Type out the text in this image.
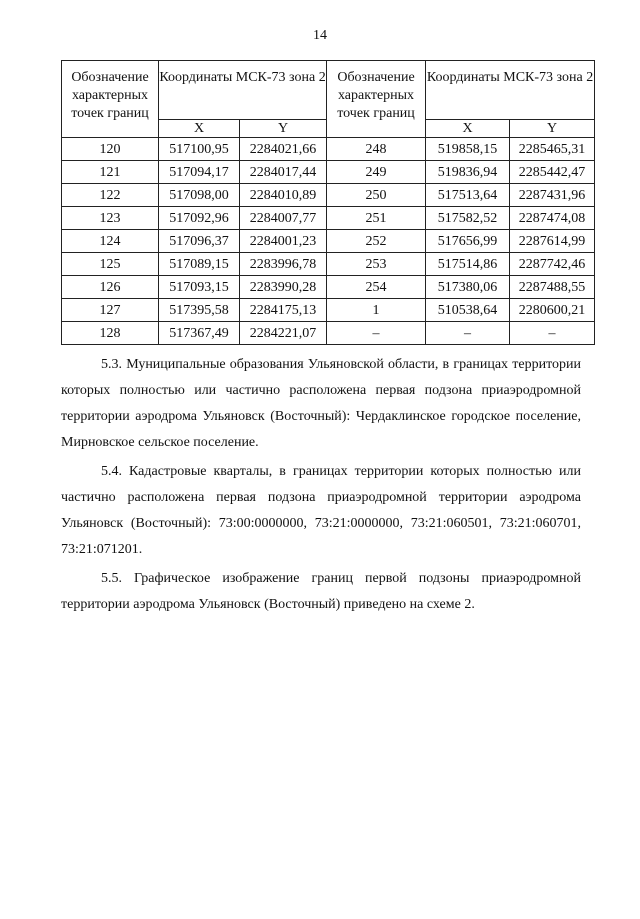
14
Обозначение характерных точек границ	Координаты МСК-73 зона 2		Обозначение характерных точек границ	Координаты МСК-73 зона 2	
	X	Y		X	Y
120	517100,95	2284021,66	248	519858,15	2285465,31
121	517094,17	2284017,44	249	519836,94	2285442,47
122	517098,00	2284010,89	250	517513,64	2287431,96
123	517092,96	2284007,77	251	517582,52	2287474,08
124	517096,37	2284001,23	252	517656,99	2287614,99
125	517089,15	2283996,78	253	517514,86	2287742,46
126	517093,15	2283990,28	254	517380,06	2287488,55
127	517395,58	2284175,13	1	510538,64	2280600,21
128	517367,49	2284221,07	–	–	–

5.3. Муниципальные образования Ульяновской области, в границах территории которых полностью или частично расположена первая подзона приаэродромной территории аэродрома Ульяновск (Восточный): Чердаклинское городское поселение, Мирновское сельское поселение.

5.4. Кадастровые кварталы, в границах территории которых полностью или частично расположена первая подзона приаэродромной территории аэродрома Ульяновск (Восточный): 73:00:0000000, 73:21:0000000, 73:21:060501, 73:21:060701, 73:21:071201.

5.5. Графическое изображение границ первой подзоны приаэродромной территории аэродрома Ульяновск (Восточный) приведено на схеме 2.
